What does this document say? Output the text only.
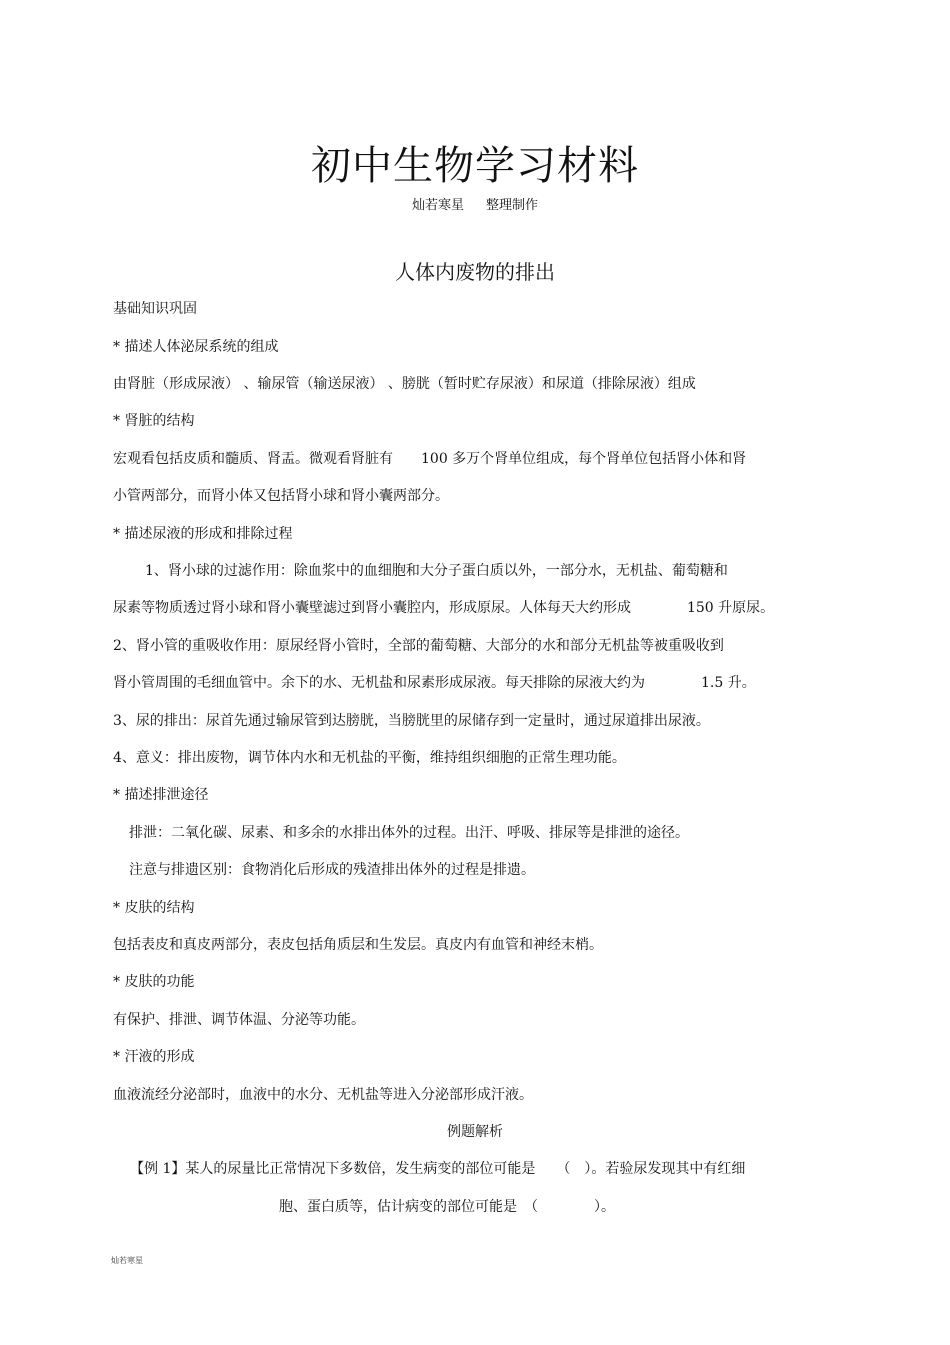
初中生物学习材料
灿若寒星 整理制作
人体内废物的排出
基础知识巩固
* 描述人体泌尿系统的组成
由肾脏（形成尿液） 、输尿管（输送尿液） 、膀胱（暂时贮存尿液）和尿道（排除尿液）组成
* 肾脏的结构
宏观看包括皮质和髓质、肾盂。微观看肾脏有　　100 多万个肾单位组成，每个肾单位包括肾小体和肾
小管两部分，而肾小体又包括肾小球和肾小囊两部分。
* 描述尿液的形成和排除过程
1、肾小球的过滤作用：除血浆中的血细胞和大分子蛋白质以外，一部分水，无机盐、葡萄糖和
尿素等物质透过肾小球和肾小囊壁滤过到肾小囊腔内，形成原尿。人体每天大约形成　　　　150 升原尿。
2、肾小管的重吸收作用：原尿经肾小管时，全部的葡萄糖、大部分的水和部分无机盐等被重吸收到
肾小管周围的毛细血管中。余下的水、无机盐和尿素形成尿液。每天排除的尿液大约为　　　　1.5 升。
3、尿的排出：尿首先通过输尿管到达膀胱，当膀胱里的尿储存到一定量时，通过尿道排出尿液。
4、意义：排出废物，调节体内水和无机盐的平衡，维持组织细胞的正常生理功能。
* 描述排泄途径
排泄：二氧化碳、尿素、和多余的水排出体外的过程。出汗、呼吸、排尿等是排泄的途径。
注意与排遗区别：食物消化后形成的残渣排出体外的过程是排遗。
* 皮肤的结构
包括表皮和真皮两部分，表皮包括角质层和生发层。真皮内有血管和神经末梢。
* 皮肤的功能
有保护、排泄、调节体温、分泌等功能。
* 汗液的形成
血液流经分泌部时，血液中的水分、无机盐等进入分泌部形成汗液。
例题解析
【例 1】某人的尿量比正常情况下多数倍，发生病变的部位可能是　　（　）。若验尿发现其中有红细
胞、蛋白质等，估计病变的部位可能是　（　　　　）。
灿若寒星
